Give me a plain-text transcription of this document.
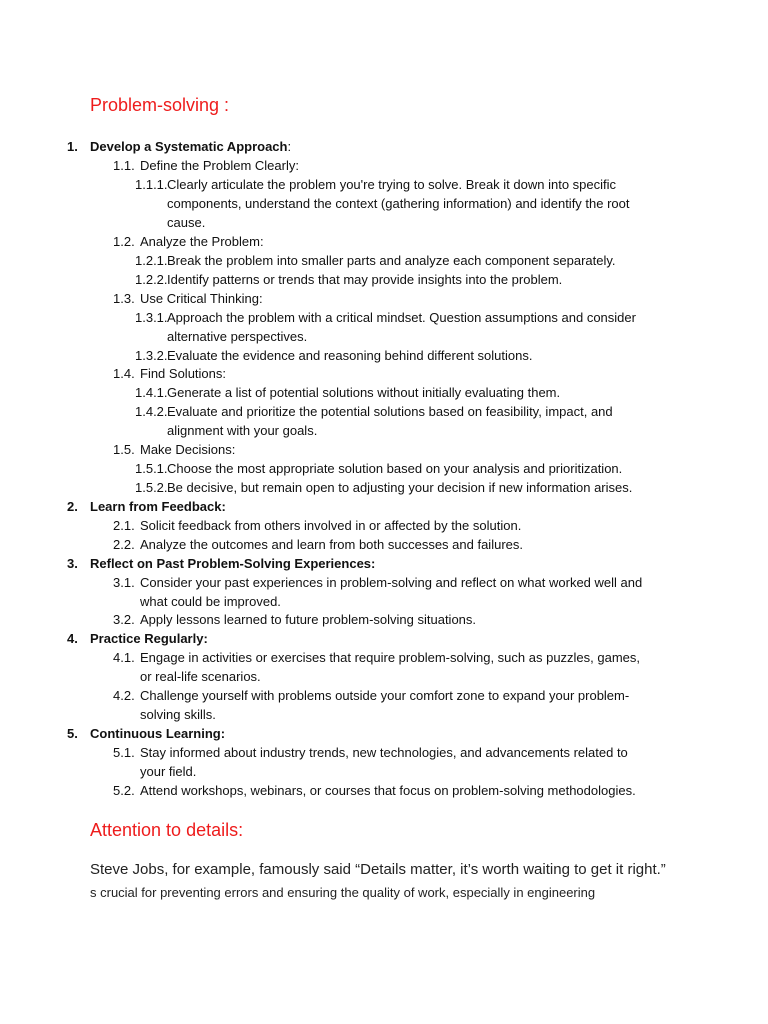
Problem-solving :
1. Develop a Systematic Approach:
1.1. Define the Problem Clearly:
1.1.1. Clearly articulate the problem you're trying to solve. Break it down into specific
components, understand the context (gathering information) and identify the root
cause.
1.2. Analyze the Problem:
1.2.1. Break the problem into smaller parts and analyze each component separately.
1.2.2. Identify patterns or trends that may provide insights into the problem.
1.3. Use Critical Thinking:
1.3.1. Approach the problem with a critical mindset. Question assumptions and consider
alternative perspectives.
1.3.2. Evaluate the evidence and reasoning behind different solutions.
1.4. Find Solutions:
1.4.1. Generate a list of potential solutions without initially evaluating them.
1.4.2. Evaluate and prioritize the potential solutions based on feasibility, impact, and
alignment with your goals.
1.5. Make Decisions:
1.5.1. Choose the most appropriate solution based on your analysis and prioritization.
1.5.2. Be decisive, but remain open to adjusting your decision if new information arises.
2. Learn from Feedback:
2.1. Solicit feedback from others involved in or affected by the solution.
2.2. Analyze the outcomes and learn from both successes and failures.
3. Reflect on Past Problem-Solving Experiences:
3.1. Consider your past experiences in problem-solving and reflect on what worked well and
what could be improved.
3.2. Apply lessons learned to future problem-solving situations.
4. Practice Regularly:
4.1. Engage in activities or exercises that require problem-solving, such as puzzles, games,
or real-life scenarios.
4.2. Challenge yourself with problems outside your comfort zone to expand your problem-
solving skills.
5. Continuous Learning:
5.1. Stay informed about industry trends, new technologies, and advancements related to
your field.
5.2. Attend workshops, webinars, or courses that focus on problem-solving methodologies.
Attention to details:
Steve Jobs, for example, famously said “Details matter, it’s worth waiting to get it right.”
s crucial for preventing errors and ensuring the quality of work, especially in engineering
